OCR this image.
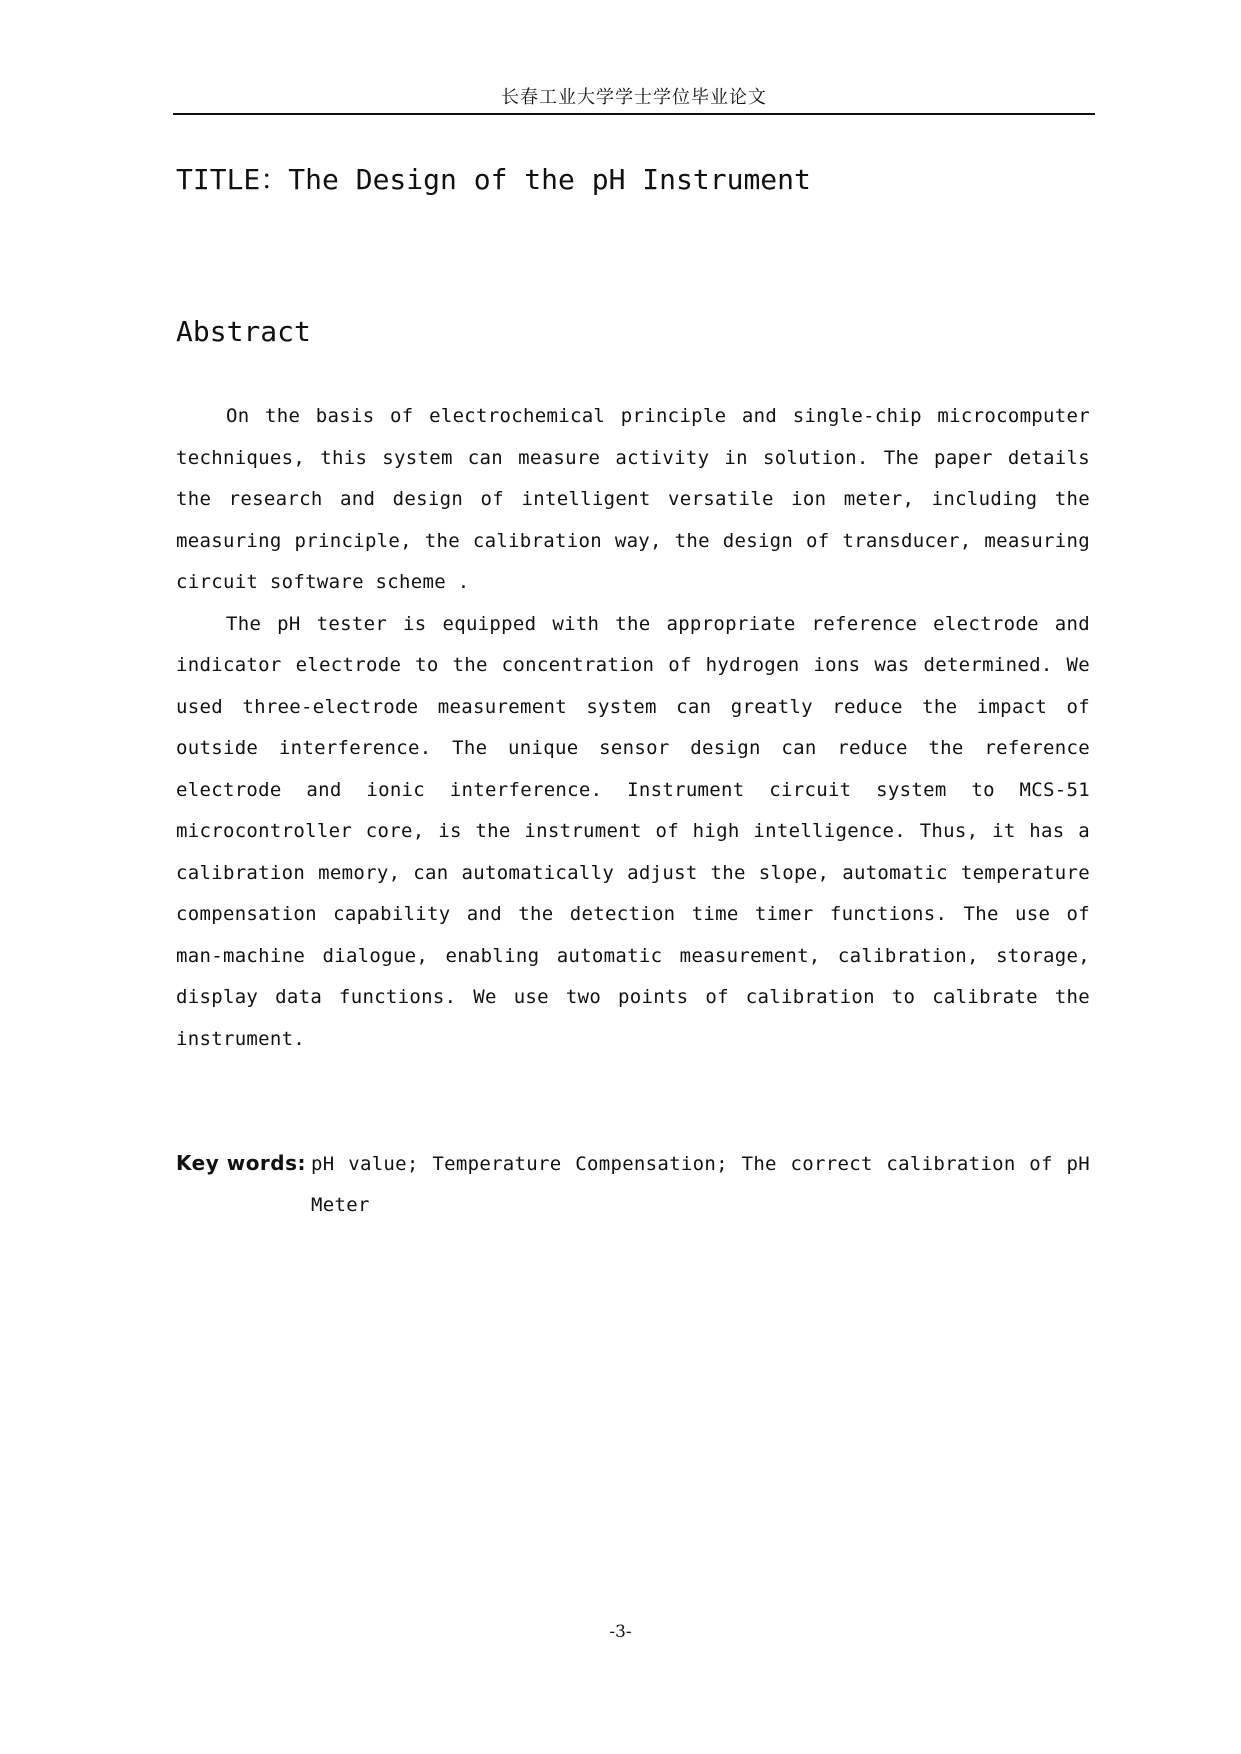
长春工业大学学士学位毕业论文
TITLE：The Design of the pH Instrument
Abstract

On the basis of electrochemical principle and single-chip microcomputer techniques, this system can measure activity in solution. The paper details the research and design of intelligent versatile ion meter, including the measuring principle, the calibration way, the design of transducer, measuring circuit software scheme .

The pH tester is equipped with the appropriate reference electrode and indicator electrode to the concentration of hydrogen ions was determined. We used three-electrode measurement system can greatly reduce the impact of outside interference. The unique sensor design can reduce the reference electrode and ionic interference. Instrument circuit system to MCS-51 microcontroller core, is the instrument of high intelligence. Thus, it has a calibration memory, can automatically adjust the slope, automatic temperature compensation capability and the detection time timer functions. The use of man-machine dialogue, enabling automatic measurement, calibration, storage, display data functions. We use two points of calibration to calibrate the instrument.

Key words: pH value; Temperature Compensation; The correct calibration of pH Meter
-3-
